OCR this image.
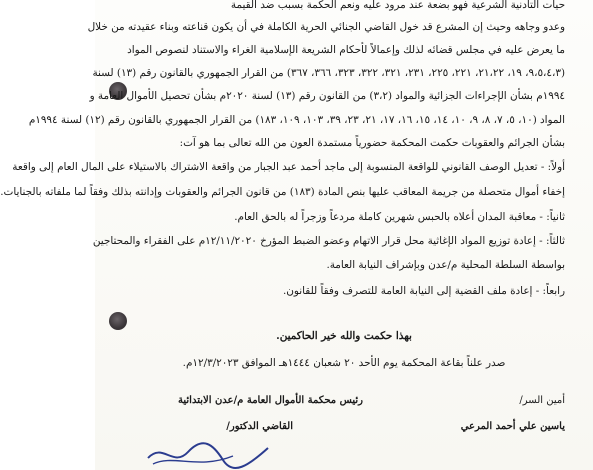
حيات التأدنية الشرعية فهو بضعة عند مرود عليه ونعم الحكمة بسبب ضد القيمة
وعدو وجاهه وحيث إن المشرع قد خول القاضي الجنائي الحرية الكاملة في أن يكون قناعته وبناء عقيدته من خلال
ما يعرض عليه في مجلس قضائه لذلك وإعمالاً لأحكام الشريعة الإسلامية الغراء والاستناد لنصوص المواد
(٩،٥،٤،٣، ١٩، ٢١،٢٢، ٢٢١، ٢٢٥، ٢٣١، ٣٢١، ٣٢٢، ٣٢٣، ٣٦٦، ٣٦٧) من القرار الجمهوري بالقانون رقم (١٣) لسنة
١٩٩٤م بشأن الإجراءات الجزائية والمواد (٣،٢) من القانون رقم (١٣) لسنة ٢٠٢٠م بشأن تحصيل الأموال العامة و
المواد (١٠، ٥، ٧، ٨، ٩، ١٠، ١٤، ١٥، ١٦، ١٧، ٢١، ٢٣، ٣٩، ١٠٣، ١٠٩، ١٨٣) من القرار الجمهوري بالقانون رقم (١٢) لسنة ١٩٩٤م
بشأن الجرائم والعقوبات حكمت المحكمة حضورياً مستمدة العون من الله تعالى بما هو آت:
أولاً: - تعديل الوصف القانوني للواقعة المنسوبة إلى ماجد أحمد عبد الجبار من واقعة الاشتراك بالاستيلاء على المال العام إلى واقعة
إخفاء أموال متحصلة من جريمة المعاقب عليها بنص المادة (١٨٣) من قانون الجرائم والعقوبات وإدانته بذلك وفقاً لما ملفاته بالجنايات.
ثانياً: - معاقبة المدان أعلاه بالحبس شهرين كاملة مردعاً وزجراً له بالحق العام.
ثالثاً: - إعادة توزيع المواد الإغاثية محل قرار الاتهام وعضو الضبط المؤرخ ١٢/١١/٢٠٢٠م على الفقراء والمحتاجين
بواسطة السلطة المحلية م/عدن وبإشراف النيابة العامة.
رابعاً: - إعادة ملف القضية إلى النيابة العامة للتصرف وفقاً للقانون.
بهذا حكمت والله خير الحاكمين.
صدر علناً بقاعة المحكمة يوم الأحد ٢٠ شعبان ١٤٤٤هـ الموافق ١٢/٣/٢٠٢٣م.
أمين السر/
ياسين علي أحمد المرعي
رئيس محكمة الأموال العامة م/عدن الابتدائية
القاضي الدكتور/
